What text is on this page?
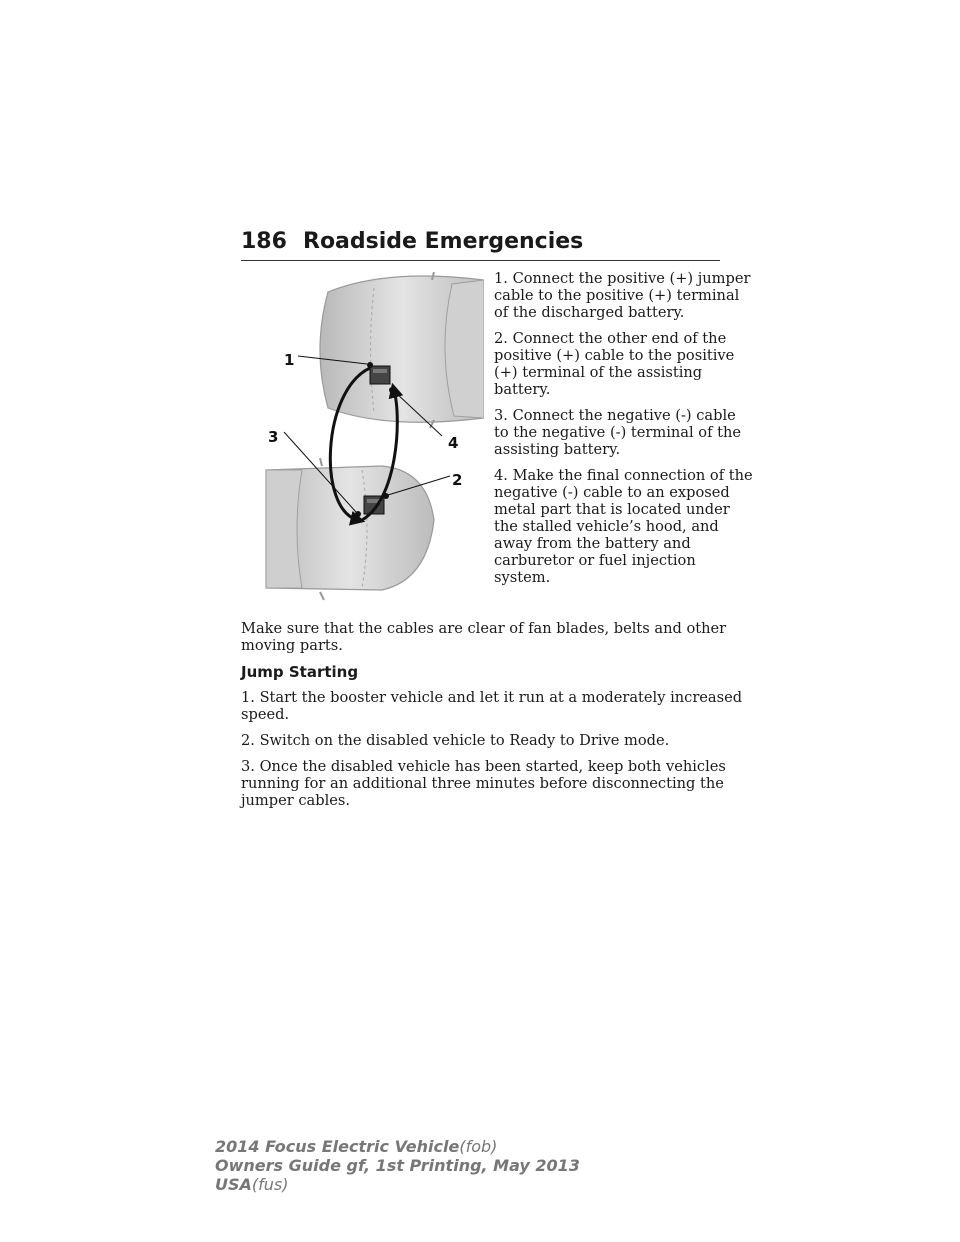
186 Roadside Emergencies
1
2
3	4

1. Connect the positive (+) jumper cable to the positive (+) terminal of the discharged battery.

2. Connect the other end of the positive (+) cable to the positive (+) terminal of the assisting battery.

3. Connect the negative (-) cable to the negative (-) terminal of the assisting battery.

4. Make the final connection of the negative (-) cable to an exposed metal part that is located under the stalled vehicle’s hood, and away from the battery and carburetor or fuel injection system.

Make sure that the cables are clear of fan blades, belts and other moving parts.

Jump Starting

1. Start the booster vehicle and let it run at a moderately increased speed.

2. Switch on the disabled vehicle to Ready to Drive mode.

3. Once the disabled vehicle has been started, keep both vehicles running for an additional three minutes before disconnecting the jumper cables.

2014 Focus Electric Vehicle(fob)
Owners Guide gf, 1st Printing, May 2013
USA(fus)
